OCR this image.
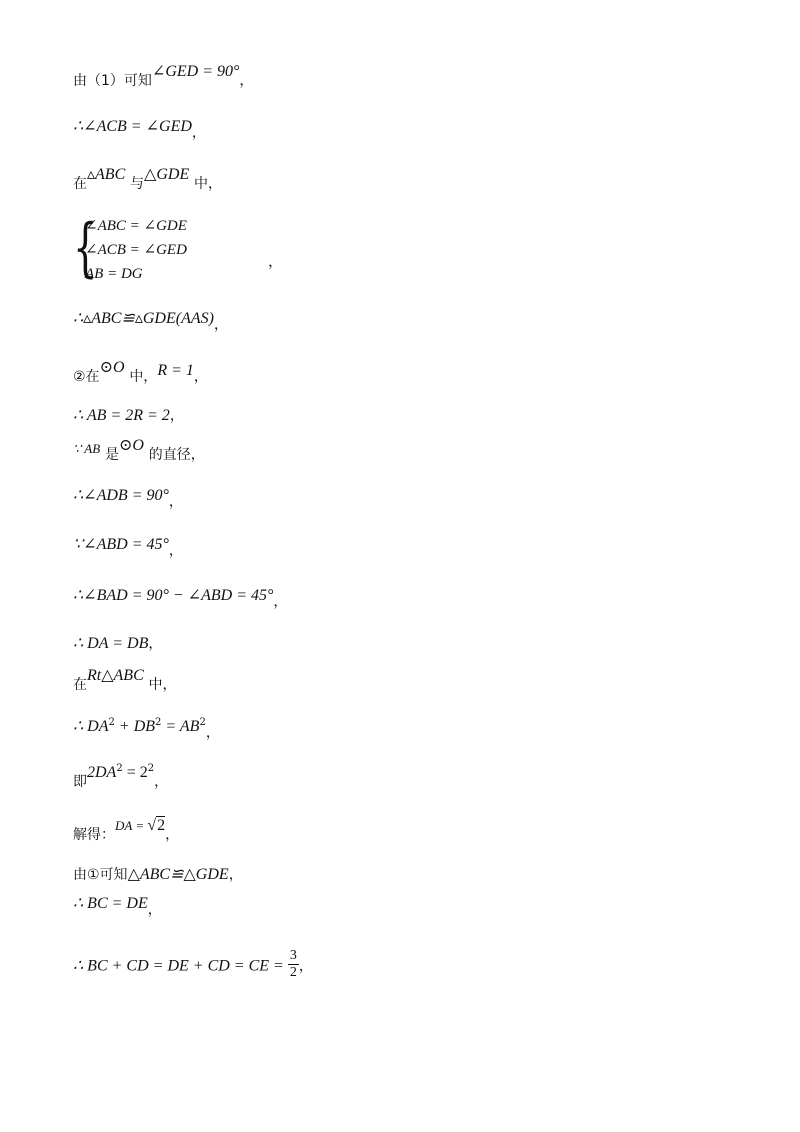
由（1）可知∠GED = 90°，
∴∠ACB = ∠GED，
在▵ABC 与△GDE 中，
{
∠ABC = ∠GDE
∠ACB = ∠GED
AB = DG
，
∴▵ABC≌▵GDE(AAS)，
②在⊙O 中，R = 1，
∴ AB = 2R = 2，
∵ AB 是⊙O 的直径，
∴∠ADB = 90°，
∵∠ABD = 45°，
∴∠BAD = 90° − ∠ABD = 45°，
∴ DA = DB，
在Rt△ABC 中，
∴ $DA^2 + DB^2 = AB^2$，
即$2DA^2 = 2^2$，
解得：DA = √2，
由①可知△ABC≌△GDE，
∴ BC = DE，
∴ BC + CD = DE + CD = CE = $\frac{3}{2}$ ，
